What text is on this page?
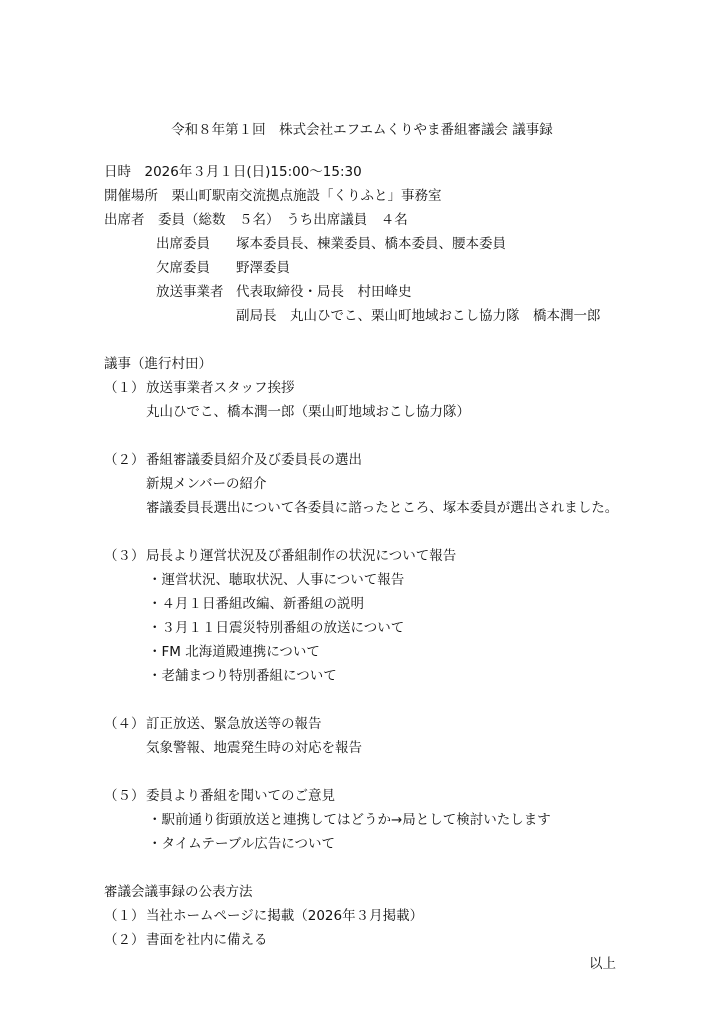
令和８年第１回　株式会社エフエムくりやま番組審議会 議事録
日時　2026年３月１日(日)15:00～15:30
開催場所　栗山町駅南交流拠点施設「くりふと」事務室
出席者　委員（総数　５名）　うち出席議員　４名
出席委員 塚本委員長、棟業委員、橋本委員、腰本委員
欠席委員 野澤委員
放送事業者 代表取締役・局長　村田峰史
副局長　丸山ひでこ、栗山町地域おこし協力隊　橋本潤一郎
議事（進行村田）
（１） 放送事業者スタッフ挨拶
丸山ひでこ、橋本潤一郎（栗山町地域おこし協力隊）
（２） 番組審議委員紹介及び委員長の選出
新規メンバーの紹介
審議委員長選出について各委員に諮ったところ、塚本委員が選出されました。
（３） 局長より運営状況及び番組制作の状況について報告
・運営状況、聴取状況、人事について報告
・４月１日番組改編、新番組の説明
・３月１１日震災特別番組の放送について
・FM 北海道殿連携について
・老舗まつり特別番組について
（４） 訂正放送、緊急放送等の報告
気象警報、地震発生時の対応を報告
（５） 委員より番組を聞いてのご意見
・駅前通り街頭放送と連携してはどうか→局として検討いたします
・タイムテーブル広告について
審議会議事録の公表方法
（１） 当社ホームページに掲載（2026年３月掲載）
（２） 書面を社内に備える
以上
